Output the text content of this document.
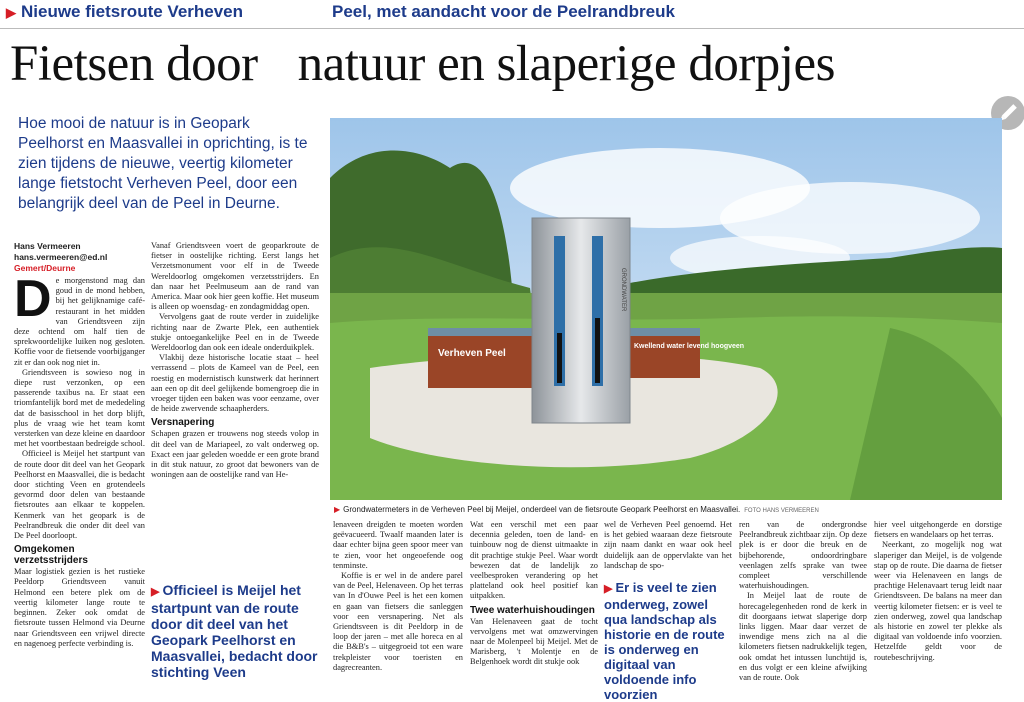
▶ Nieuwe fietsroute Verheven	Peel, met aandacht voor de Peelrandbreuk
Fietsen door natuur en slaperige dorpjes
Hoe mooi de natuur is in Geopark Peelhorst en Maasvallei in oprichting, is te zien tijdens de nieuwe, veertig kilometer lange fietstocht Verheven Peel, door een belangrijk deel van de Peel in Deurne.
Hans Vermeeren
hans.vermeeren@ed.nl
Gemert/Deurne

De morgenstond mag dan goud in de mond hebben, bij het gelijknamige café-restaurant in het midden van Griendtsveen zijn deze ochtend om half tien de sprekwoordelijke luiken nog gesloten. Koffie voor de fietsende voorbijganger zit er dan ook nog niet in.

Griendtsveen is sowieso nog in diepe rust verzonken, op een passerende taxibus na. Er staat een triomfantelijk bord met de mededeling dat de basisschool in het dorp blijft, plus de vraag wie het team komt versterken van deze kleine en daardoor met het voortbestaan bedreigde school.

Officieel is Meijel het startpunt van de route door dit deel van het Geopark Peelhorst en Maasvallei, die is bedacht door stichting Veen en grotendeels gevormd door delen van bestaande fietsroutes aan elkaar te koppelen. Kenmerk van het geopark is de Peelrandbreuk die onder dit deel van De Peel doorloopt.

Omgekomen verzetsstrijders

Maar logistiek gezien is het rustieke Peeldorp Griendtsveen vanuit Helmond een betere plek om de veertig kilometer lange route te beginnen. Zeker ook omdat de fietsroute tussen Helmond via Deurne naar Griendtsveen een vrijwel directe en nagenoeg perfecte verbinding is.

Vanaf Griendtsveen voert de geoparkroute de fietser in oostelijke richting. Eerst langs het Verzetsmonument voor elf in de Tweede Wereldoorlog omgekomen verzetsstrijders. En dan naar het Peelmuseum aan de rand van America. Maar ook hier geen koffie. Het museum is alleen op woensdag- en zondagmiddag open.

Vervolgens gaat de route verder in zuidelijke richting naar de Zwarte Plek, een authentiek stukje ontoegankelijke Peel en in de Tweede Wereldoorlog dan ook een ideale onderduikplek.

Vlakbij deze historische locatie staat – heel verrassend – plots de Kameel van de Peel, een roestig en modernistisch kunstwerk dat herinnert aan een op dit deel gelijkende bomengroep die in vroeger tijden een baken was voor eenzame, over de heide zwervende schaapherders.

Versnapering

Schapen grazen er trouwens nog steeds volop in dit deel van de Mariapeel, zo valt onderweg op. Exact een jaar geleden woedde er een grote brand in dit stuk natuur, zo groot dat bewoners van de woningen aan de oostelijke rand van He-

▶ Officieel is Meijel het startpunt van de route door dit deel van het Geopark Peelhorst en Maasvallei, bedacht door stichting Veen
Verheven Peel
Kwellend water levend hoogveen
GRONDWATER
▶ Grondwatermeters in de Verheven Peel bij Meijel, onderdeel van de fietsroute Geopark Peelhorst en Maasvallei. FOTO HANS VERMEEREN

lenaveen dreigden te moeten worden geëvacueerd. Twaalf maanden later is daar echter bijna geen spoor meer van te zien, voor het ongeoefende oog tenminste.

Koffie is er wel in de andere parel van de Peel, Helenaveen. Op het terras van In d'Ouwe Peel is het een komen en gaan van fietsers die sanleggen voor een versnapering. Net als Griendtsveen is dit Peeldorp in de loop der jaren – met alle horeca en al die B&B's – uitgegroeid tot een ware trekpleister voor toeristen en dagrecreanten.

Wat een verschil met een paar decennia geleden, toen de land- en tuinbouw nog de dienst uitmaakte in dit prachtige stukje Peel. Waar wordt bewezen dat de landelijk zo veelbesproken verandering op het platteland ook heel positief kan uitpakken.

Twee waterhuishoudingen

Van Helenaveen gaat de tocht vervolgens met wat omzwervingen naar de Molenpeel bij Meijel. Met de Marisberg, 't Molentje en de Belgenhoek wordt dit stukje ook

wel de Verheven Peel genoemd. Het is het gebied waaraan deze fietsroute zijn naam dankt en waar ook heel duidelijk aan de oppervlakte van het landschap de spo-

▶ Er is veel te zien onderweg, zowel qua landschap als historie en de route is onderweg en digitaal van voldoende info voorzien

ren van de ondergrondse Peelrandbreuk zichtbaar zijn. Op deze plek is er door die breuk en de bijbehorende, ondoordringbare veenlagen zelfs sprake van twee compleet verschillende waterhuishoudingen.

In Meijel laat de route de horecagelegenheden rond de kerk in dit doorgaans ietwat slaperige dorp links liggen. Maar daar verzet de inwendige mens zich na al die kilometers fietsen nadrukkelijk tegen, ook omdat het intussen lunchtijd is, en dus volgt er een kleine afwijking van de route. Ook

hier veel uitgehongerde en dorstige fietsers en wandelaars op het terras.

Neerkant, zo mogelijk nog wat slaperiger dan Meijel, is de volgende stap op de route. Die daarna de fietser weer via Helenaveen en langs de prachtige Helenavaart terug leidt naar Griendtsveen. De balans na meer dan veertig kilometer fietsen: er is veel te zien onderweg, zowel qua landschap als historie en zowel ter plekke als digitaal van voldoende info voorzien. Hetzelfde geldt voor de routebeschrijving.
